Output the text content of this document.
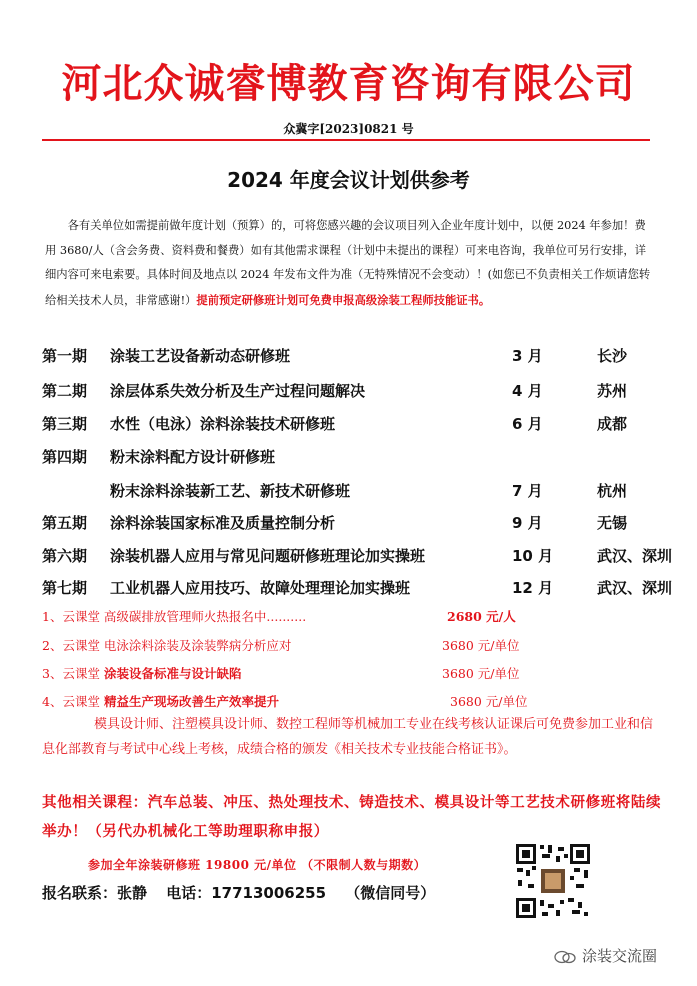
河北众诚睿博教育咨询有限公司
众冀字[2023]0821 号
2024 年度会议计划供参考
各有关单位如需提前做年度计划（预算）的，可将您感兴趣的会议项目列入企业年度计划中，以便 2024 年参加！费用 3680/人（含会务费、资料费和餐费）如有其他需求课程（计划中未提出的课程）可来电咨询，我单位可另行安排，详细内容可来电索要。具体时间及地点以 2024 年发布文件为准（无特殊情况不会变动）！(如您已不负责相关工作烦请您转给相关技术人员，非常感谢!）提前预定研修班计划可免费申报高级涂装工程师技能证书。
第一期 涂装工艺设备新动态研修班	3 月	长沙
第二期 涂层体系失效分析及生产过程问题解决	4 月	苏州
第三期 水性（电泳）涂料涂装技术研修班	6 月	成都
第四期 粉末涂料配方设计研修班
粉末涂料涂装新工艺、新技术研修班	7 月	杭州
第五期 涂料涂装国家标准及质量控制分析	9 月	无锡
第六期 涂装机器人应用与常见问题研修班理论加实操班	10 月	武汉、深圳
第七期 工业机器人应用技巧、故障处理理论加实操班	12 月	武汉、深圳
1、云课堂 高级碳排放管理师火热报名中..........	2680 元/人
2、云课堂 电泳涂料涂装及涂装弊病分析应对	3680 元/单位
3、云课堂 涂装设备标准与设计缺陷	3680 元/单位
4、云课堂 精益生产现场改善生产效率提升	3680 元/单位
模具设计师、注塑模具设计师、数控工程师等机械加工专业在线考核认证课后可免费参加工业和信息化部教育与考试中心线上考核，成绩合格的颁发《相关技术专业技能合格证书》。
其他相关课程：汽车总装、冲压、热处理技术、铸造技术、模具设计等工艺技术研修班将陆续举办！（另代办机械化工等助理职称申报）
参加全年涂装研修班 19800 元/单位 （不限制人数与期数）
报名联系：张静 电话：17713006255 （微信同号）
涂装交流圈
